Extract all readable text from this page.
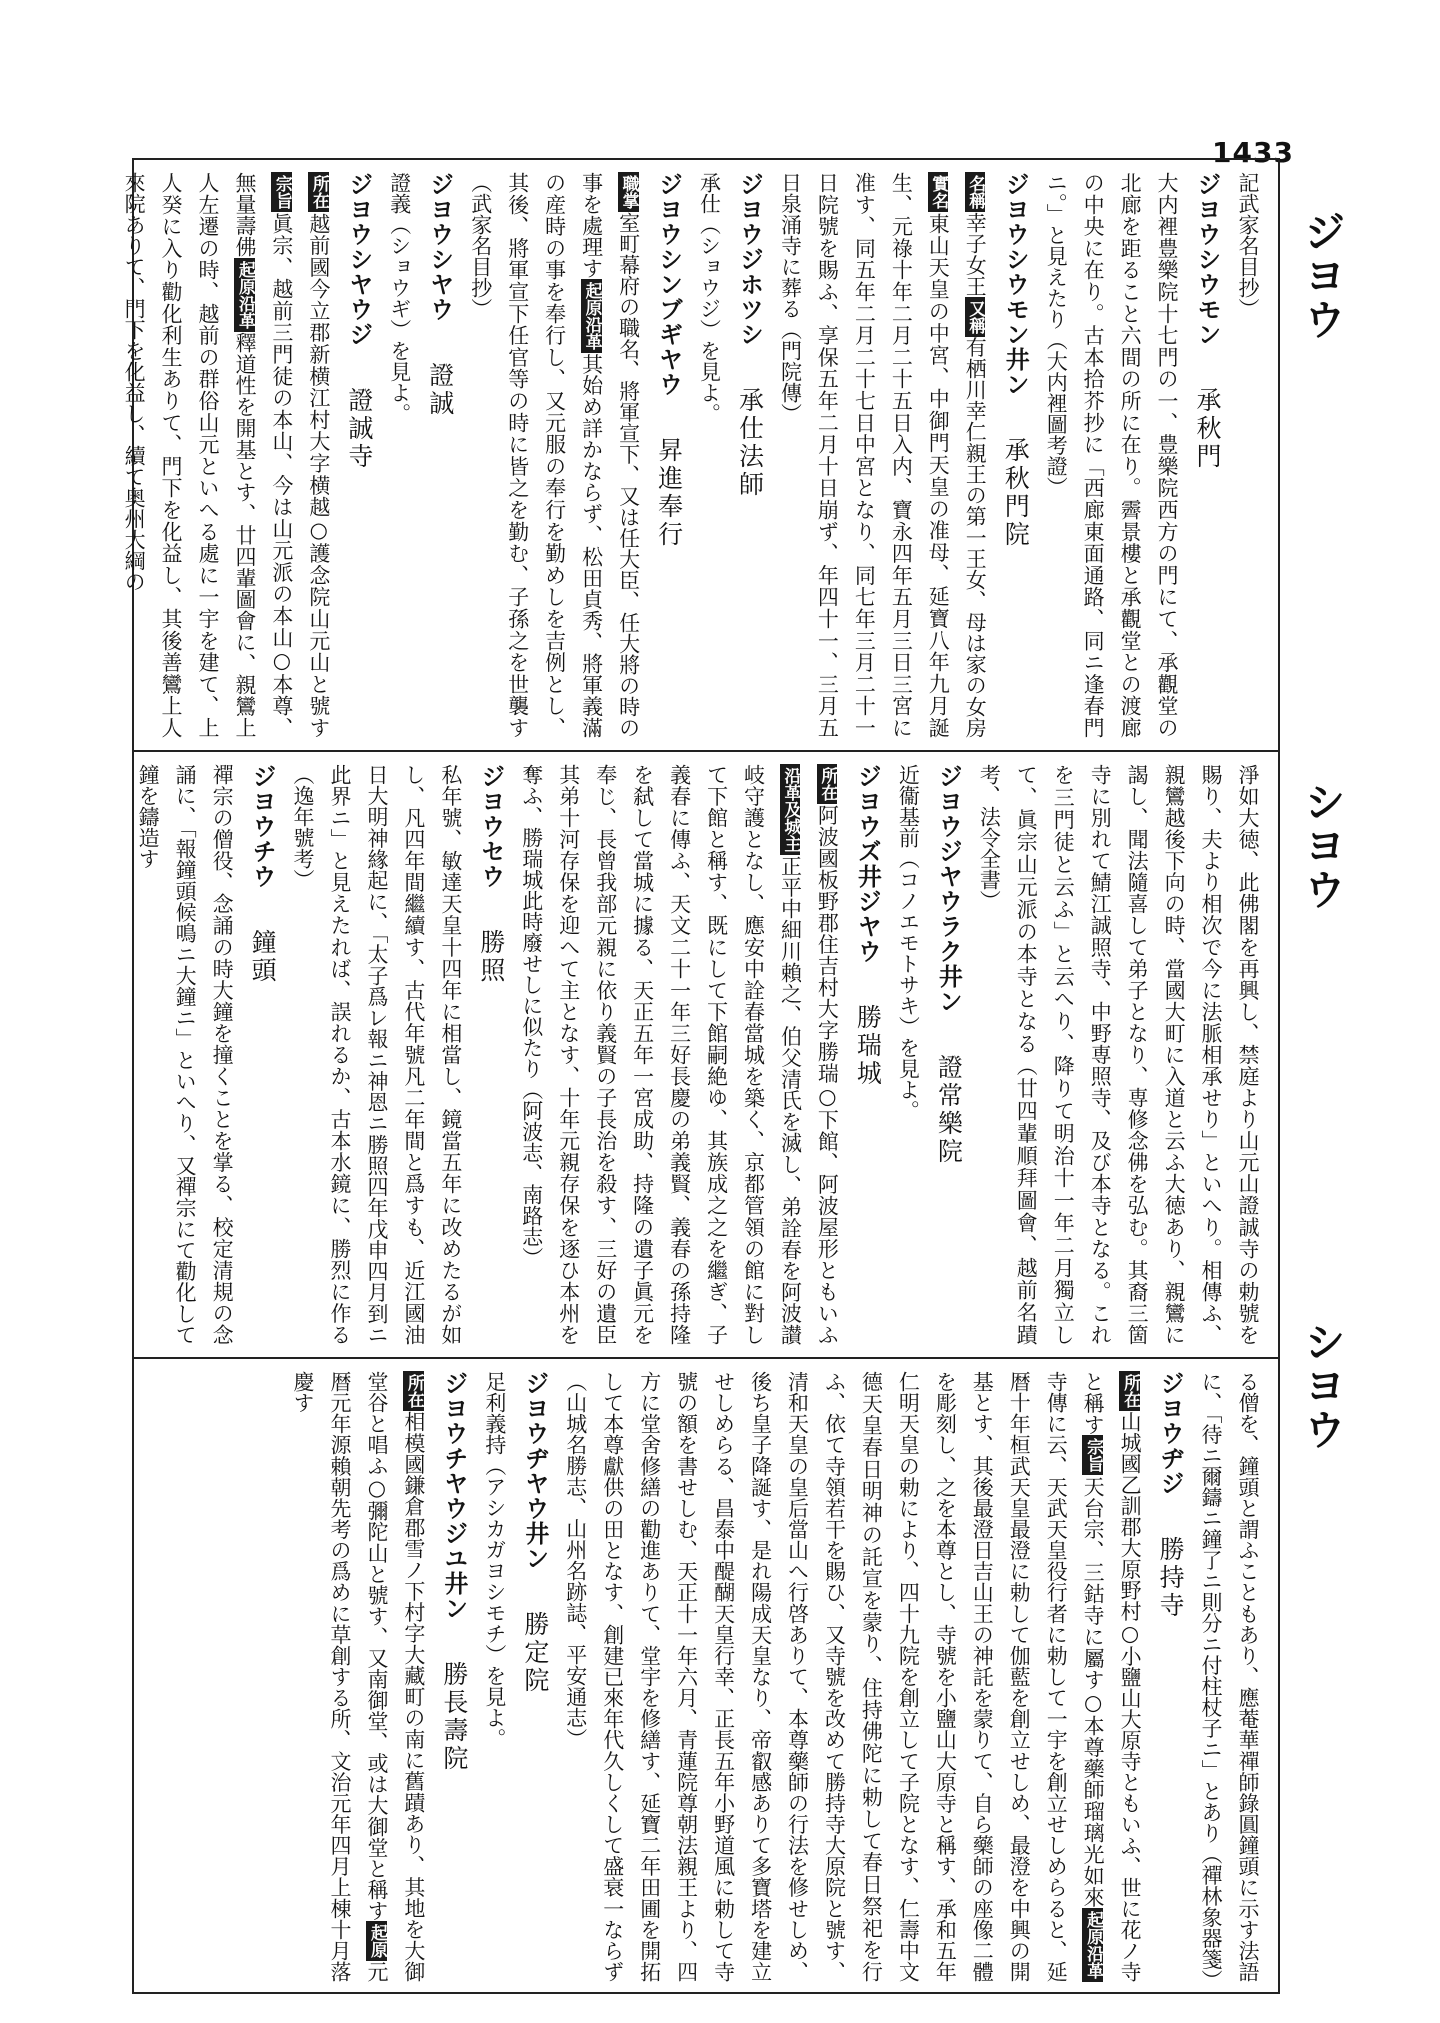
1433
ジヨウ
シヨウ
シヨウ
記武家名目抄）
ジヨウシウモン承秋門
大内裡豊樂院十七門の一、豊樂院西方の門にて、承觀堂の北廊を距ること六間の所に在り。霽景樓と承觀堂との渡廊の中央に在り。古本拾芥抄に「西廊東面通路、同ニ逢春門ニ。」と見えたり（大内裡圖考證）
ジヨウシウモン井ン承秋門院
名稱幸子女王又稱有栖川幸仁親王の第一王女、母は家の女房實名東山天皇の中宮、中御門天皇の准母、延寶八年九月誕生、元祿十年二月二十五日入内、寶永四年五月三日三宮に准す、同五年二月二十七日中宮となり、同七年三月二十一日院號を賜ふ、享保五年二月十日崩ず、年四十一、三月五日泉涌寺に葬る（門院傳）
ジヨウジホツシ承仕法師
承仕（ショウジ）を見よ。
ジヨウシンブギヤウ昇進奉行
職掌室町幕府の職名、將軍宣下、又は任大臣、任大將の時の事を處理す起原沿革其始め詳かならず、松田貞秀、將軍義滿の産時の事を奉行し、又元服の奉行を勤めしを吉例とし、其後、將軍宣下任官等の時に皆之を勤む、子孫之を世襲す（武家名目抄）
ジヨウシヤウ證誠
證義（ショウギ）を見よ。
ジヨウシヤウジ證誠寺
所在越前國今立郡新横江村大字横越○護念院山元山と號す宗旨眞宗、越前三門徒の本山、今は山元派の本山○本尊、無量壽佛起原沿革釋道性を開基とす、廿四輩圖會に、親鸞上人左遷の時、越前の群俗山元といへる處に一宇を建て、上人癸に入り勸化利生ありて、門下を化益し、其後善鸞上人來院ありて、門下を化益し、續て奥州大綱の
淨如大徳、此佛閣を再興し、禁庭より山元山證誠寺の勅號を賜り、夫より相次で今に法脈相承せり」といへり。相傳ふ、親鸞越後下向の時、當國大町に入道と云ふ大徳あり、親鸞に謁し、聞法隨喜して弟子となり、専修念佛を弘む。其裔三箇寺に別れて鯖江誠照寺、中野専照寺、及び本寺となる。これを三門徒と云ふ」と云へり、降りて明治十一年二月獨立して、眞宗山元派の本寺となる（廿四輩順拜圖會、越前名蹟考、法令全書）
ジヨウジヤウラク井ン證常樂院
近衞基前（コノエモトサキ）を見よ。
ジヨウズ井ジヤウ勝瑞城
所在阿波國板野郡住吉村大字勝瑞○下館、阿波屋形ともいふ沿革及城主正平中細川賴之、伯父清氏を滅し、弟詮春を阿波讃岐守護となし、應安中詮春當城を築く、京都管領の館に對して下館と稱す、既にして下館嗣絶ゆ、其族成之之を繼ぎ、子義春に傳ふ、天文二十一年三好長慶の弟義賢、義春の孫持隆を弑して當城に據る、天正五年一宮成助、持隆の遺子眞元を奉じ、長曾我部元親に依り義賢の子長治を殺す、三好の遺臣其弟十河存保を迎へて主となす、十年元親存保を逐ひ本州を奪ふ、勝瑞城此時廢せしに似たり（阿波志、南路志）
ジヨウセウ勝照
私年號、敏達天皇十四年に相當し、鏡當五年に改めたるが如し、凡四年間繼續す、古代年號凡二年間と爲すも、近江國油日大明神緣起に、「太子爲レ報ニ神恩ニ勝照四年戊申四月到ニ此界ニ」と見えたれば、誤れるか、古本水鏡に、勝烈に作る（逸年號考）
ジヨウチウ鐘頭
禪宗の僧役、念誦の時大鐘を撞くことを掌る、校定清規の念誦に、「報鐘頭候鳴ニ大鐘ニ」といへり、又禪宗にて勸化して鐘を鑄造す
る僧を、鐘頭と謂ふこともあり、應菴華禪師錄圓鐘頭に示す法語に、「待ニ爾鑄ニ鐘了ニ則分ニ付柱杖子ニ」とあり（禪林象器箋）
ジヨウヂジ勝持寺
所在山城國乙訓郡大原野村○小鹽山大原寺ともいふ、世に花ノ寺と稱す宗旨天台宗、三鈷寺に屬す○本尊藥師瑠璃光如來起原沿革寺傳に云、天武天皇役行者に勅して一宇を創立せしめらると、延暦十年桓武天皇最澄に勅して伽藍を創立せしめ、最澄を中興の開基とす、其後最澄日吉山王の神託を蒙りて、自ら藥師の座像二體を彫刻し、之を本尊とし、寺號を小鹽山大原寺と稱す、承和五年仁明天皇の勅により、四十九院を創立して子院となす、仁壽中文德天皇春日明神の託宣を蒙り、住持佛陀に勅して春日祭祀を行ふ、依て寺領若干を賜ひ、又寺號を改めて勝持寺大原院と號す、清和天皇の皇后當山へ行啓ありて、本尊藥師の行法を修せしめ、後ち皇子降誕す、是れ陽成天皇なり、帝叡感ありて多寶塔を建立せしめらる、昌泰中醍醐天皇行幸、正長五年小野道風に勅して寺號の額を書せしむ、天正十一年六月、青蓮院尊朝法親王より、四方に堂舍修繕の勸進ありて、堂宇を修繕す、延寶二年田圃を開拓して本尊獻供の田となす、創建已來年代久しくして盛衰一ならず（山城名勝志、山州名跡誌、平安通志）
ジヨウヂヤウ井ン勝定院
足利義持（アシカガヨシモチ）を見よ。
ジヨウチヤウジユ井ン勝長壽院
所在相模國鎌倉郡雪ノ下村字大藏町の南に舊蹟あり、其地を大御堂谷と唱ふ○彌陀山と號す、又南御堂、或は大御堂と稱す起原元暦元年源賴朝先考の爲めに草創する所、文治元年四月上棟十月落慶す
